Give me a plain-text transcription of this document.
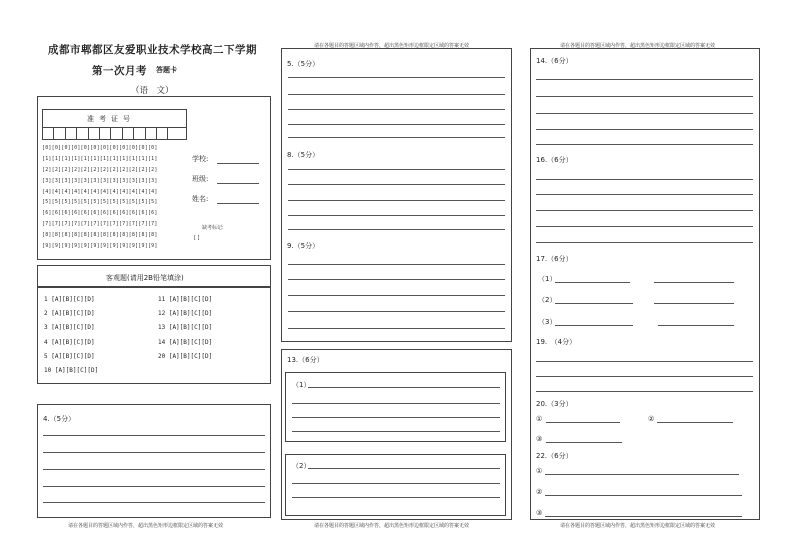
成都市郫都区友爱职业技术学校高二下学期
第一次月考 答题卡
（语　文）
准考证号
[0][0][0][0][0][0][0][0][0][0][0][0]
[1][1][1][1][1][1][1][1][1][1][1][1]
[2][2][2][2][2][2][2][2][2][2][2][2]
[3][3][3][3][3][3][3][3][3][3][3][3]
[4][4][4][4][4][4][4][4][4][4][4][4]
[5][5][5][5][5][5][5][5][5][5][5][5]
[6][6][6][6][6][6][6][6][6][6][6][6]
[7][7][7][7][7][7][7][7][7][7][7][7]
[8][8][8][8][8][8][8][8][8][8][8][8]
[9][9][9][9][9][9][9][9][9][9][9][9]
学校:
班级:
姓名:
缺考标记:
[ ]
客观题(请用2B铅笔填涂)
1 [A][B][C][D]
2 [A][B][C][D]
3 [A][B][C][D]
4 [A][B][C][D]
5 [A][B][C][D]
10 [A][B][C][D]
11 [A][B][C][D]
12 [A][B][C][D]
13 [A][B][C][D]
14 [A][B][C][D]
20 [A][B][C][D]
4.（5分）
请在各题目的答题区域内作答，超出黑色矩形边框限定区域的答案无效
请在各题目的答题区域内作答，超出黑色矩形边框限定区域的答案无效
5.（5分）
8.（5分）
9.（5分）
13.（6分）
（1）
（2）
请在各题目的答题区域内作答，超出黑色矩形边框限定区域的答案无效
请在各题目的答题区域内作答，超出黑色矩形边框限定区域的答案无效
14.（6分）
16.（6分）
17.（6分）
（1）
（2）
（3）
19.　（4分）
20.（3分）
①	②
③
22.（6分）
①
②
③
请在各题目的答题区域内作答，超出黑色矩形边框限定区域的答案无效
